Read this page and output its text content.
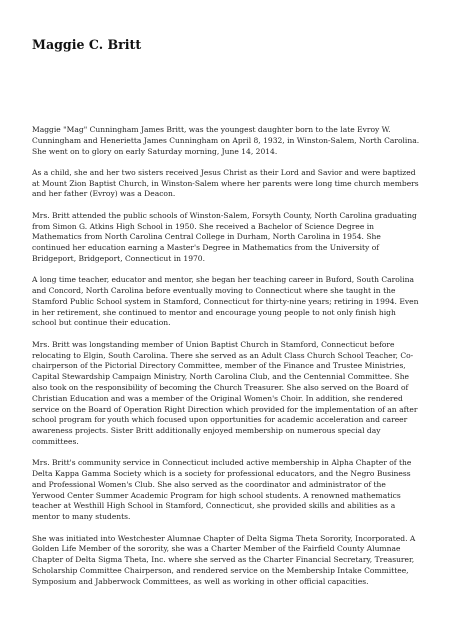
Maggie C. Britt

Maggie "Mag" Cunningham James Britt, was the youngest daughter born to the late Evroy W. Cunningham and Henerietta James Cunningham on April 8, 1932, in Winston-Salem, North Carolina. She went on to glory on early Saturday morning, June 14, 2014.

As a child, she and her two sisters received Jesus Christ as their Lord and Savior and were baptized at Mount Zion Baptist Church, in Winston-Salem where her parents were long time church members and her father (Evroy) was a Deacon.

Mrs. Britt attended the public schools of Winston-Salem, Forsyth County, North Carolina graduating from Simon G. Atkins High School in 1950. She received a Bachelor of Science Degree in Mathematics from North Carolina Central College in Durham, North Carolina in 1954. She continued her education earning a Master's Degree in Mathematics from the University of Bridgeport, Bridgeport, Connecticut in 1970.

A long time teacher, educator and mentor, she began her teaching career in Buford, South Carolina and Concord, North Carolina before eventually moving to Connecticut where she taught in the Stamford Public School system in Stamford, Connecticut for thirty-nine years; retiring in 1994. Even in her retirement, she continued to mentor and encourage young people to not only finish high school but continue their education.

Mrs. Britt was longstanding member of Union Baptist Church in Stamford, Connecticut before relocating to Elgin, South Carolina. There she served as an Adult Class Church School Teacher, Co-chairperson of the Pictorial Directory Committee, member of the Finance and Trustee Ministries, Capital Stewardship Campaign Ministry, North Carolina Club, and the Centennial Committee. She also took on the responsibility of becoming the Church Treasurer. She also served on the Board of Christian Education and was a member of the Original Women's Choir. In addition, she rendered service on the Board of Operation Right Direction which provided for the implementation of an after school program for youth which focused upon opportunities for academic acceleration and career awareness projects. Sister Britt additionally enjoyed membership on numerous special day committees.

Mrs. Britt's community service in Connecticut included active membership in Alpha Chapter of the Delta Kappa Gamma Society which is a society for professional educators, and the Negro Business and Professional Women's Club. She also served as the coordinator and administrator of the Yerwood Center Summer Academic Program for high school students. A renowned mathematics teacher at Westhill High School in Stamford, Connecticut, she provided skills and abilities as a mentor to many students.

She was initiated into Westchester Alumnae Chapter of Delta Sigma Theta Sorority, Incorporated. A Golden Life Member of the sorority, she was a Charter Member of the Fairfield County Alumnae Chapter of Delta Sigma Theta, Inc. where she served as the Charter Financial Secretary, Treasurer, Scholarship Committee Chairperson, and rendered service on the Membership Intake Committee, Symposium and Jabberwock Committees, as well as working in other official capacities.
